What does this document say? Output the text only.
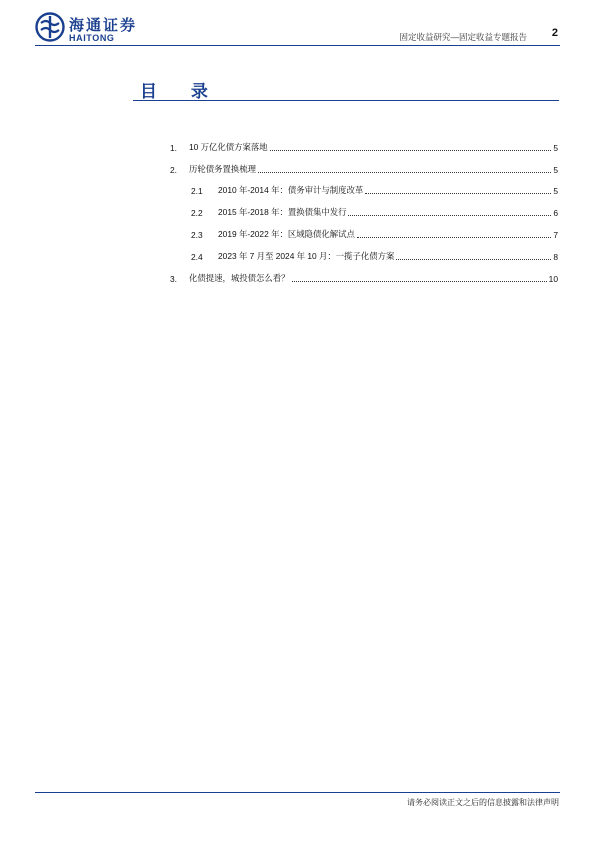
海通证券
HAITONG	固定收益研究—固定收益专题报告 2
目 录
1.	10 万亿化债方案落地	5
2.	历轮债务置换梳理	5
2.1	2010 年-2014 年：债务审计与制度改革	5
2.2	2015 年-2018 年：置换债集中发行	6
2.3	2019 年-2022 年：区域隐债化解试点	7
2.4	2023 年 7 月至 2024 年 10 月：一揽子化债方案	8
3.	化债提速，城投债怎么看？	10
请务必阅读正文之后的信息披露和法律声明
